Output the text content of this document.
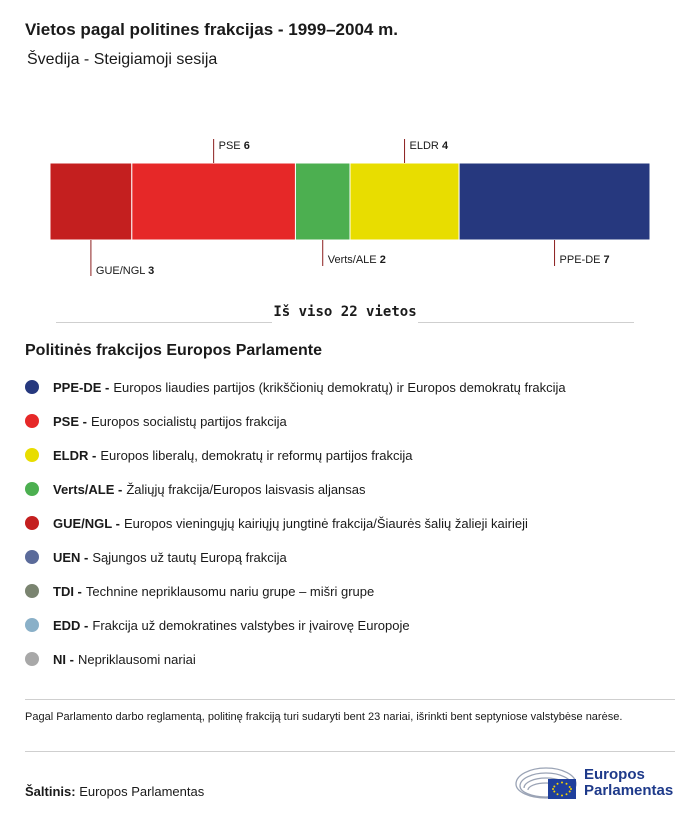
Vietos pagal politines frakcijas - 1999–2004 m.
Švedija - Steigiamoji sesija
GUE/NGL 3
PSE 6
Verts/ALE 2
ELDR 4
PPE-DE 7
Iš viso 22 vietos
Politinės frakcijos Europos Parlamente
PPE-DE - Europos liaudies partijos (krikščionių demokratų) ir Europos demokratų frakcija
PSE - Europos socialistų partijos frakcija
ELDR - Europos liberalų, demokratų ir reformų partijos frakcija
Verts/ALE - Žaliųjų frakcija/Europos laisvasis aljansas
GUE/NGL - Europos vieningųjų kairiųjų jungtinė frakcija/Šiaurės šalių žalieji kairieji
UEN - Sąjungos už tautų Europą frakcija
TDI - Technine nepriklausomu nariu grupe – mišri grupe
EDD - Frakcija už demokratines valstybes ir įvairovę Europoje
NI - Nepriklausomi nariai
Pagal Parlamento darbo reglamentą, politinę frakciją turi sudaryti bent 23 nariai, išrinkti bent septyniose valstybėse narėse.
Šaltinis: Europos Parlamentas
Europos
Parlamentas
